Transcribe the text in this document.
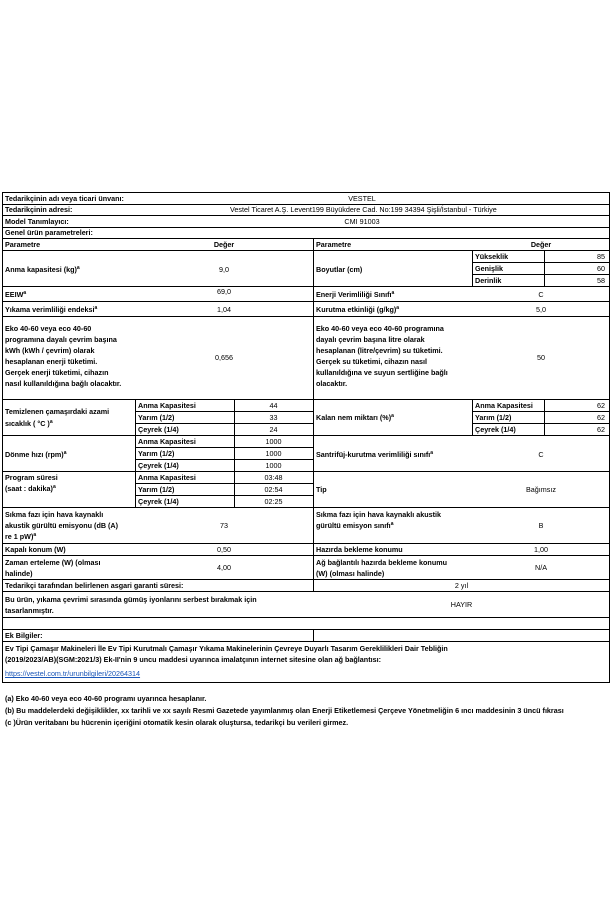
Tedarikçinin adı veya ticari ünvanı:	VESTEL
Tedarikçinin adresi:	Vestel Ticaret A.Ş. Levent199 Büyükdere Cad. No:199 34394 Şişli/İstanbul - Türkiye
Model Tanımlayıcı:	CMI 91003
Genel ürün parametreleri:
Parametre	Değer	Parametre	Değer
Anma kapasitesi (kg)$^a$	9,0	Boyutlar (cm)
Yükseklik	85
Genişlik	60
Derinlik	58
EEIW$^a$	69,0	Enerji Verimliliği Sınıfı$^a$	C
Yıkama verimliliği endeksi$^a$	1,04	Kurutma etkinliği $(g/kg)^a$	5,0
Eko 40-60 veya eco 40-60
programına dayalı çevrim başına
kWh (kWh / çevrim) olarak
hesaplanan enerji tüketimi.
Gerçek enerji tüketimi, cihazın
nasıl kullanıldığına bağlı olacaktır.
0,656
Eko 40-60 veya eco 40-60 programına
dayalı çevrim başına litre olarak
hesaplanan (litre/çevrim) su tüketimi.
Gerçek su tüketimi, cihazın nasıl
kullanıldığına ve suyun sertliğine bağlı
olacaktır.
50
Temizlenen çamaşırdaki azami
sıcaklık ( °C )$^a$
Anma Kapasitesi	44
Yarım (1/2)	33
Çeyrek (1/4)	24
Kalan nem miktarı (%)$^a$
Anma Kapasitesi	62
Yarım (1/2)	62
Çeyrek (1/4)	62
Dönme hızı (rpm)$^a$
Anma Kapasitesi	1000
Yarım (1/2)	1000
Çeyrek (1/4)	1000
Santrifüj-kurutma verimliliği sınıfı$^a$	C
Program süresi
(saat : dakika)$^a$
Anma Kapasitesi	03:48
Yarım (1/2)	02:54
Çeyrek (1/4)	02:25
Tip	Bağımsız
Sıkma fazı için hava kaynaklı
akustik gürültü emisyonu (dB (A)
re 1 pW)$^a$
73
Sıkma fazı için hava kaynaklı akustik
gürültü emisyon sınıfı$^a$	B
Kapalı konum (W)	0,50	Hazırda bekleme konumu	1,00
Zaman erteleme (W) (olması
halinde)
4,00
Ağ bağlantılı hazırda bekleme konumu
(W) (olması halinde)
N/A
Tedarikçi tarafından belirlenen asgari garanti süresi:	2 yıl
Bu ürün, yıkama çevrimi sırasında gümüş iyonlarını serbest bırakmak için
tasarlanmıştır.
HAYIR
Ek Bilgiler:
Ev Tipi Çamaşır Makineleri İle Ev Tipi Kurutmalı Çamaşır Yıkama Makinelerinin Çevreye Duyarlı Tasarım Gereklilikleri Dair Tebliğin
(2019/2023/AB)(SGM:2021/3) Ek-II'nin 9 uncu maddesi uyarınca imalatçının internet sitesine olan ağ bağlantısı:
https://vestel.com.tr/urunbilgileri/20264314
(a) Eko 40-60 veya eco 40-60 programı uyarınca hesaplanır.
(b) Bu maddelerdeki değişiklikler, xx tarihli ve xx sayılı Resmi Gazetede yayımlanmış olan Enerji Etiketlemesi Çerçeve Yönetmeliğin 6 ıncı maddesinin 3 üncü fıkrası
(c )Ürün veritabanı bu hücrenin içeriğini otomatik kesin olarak oluştursa, tedarikçi bu verileri girmez.
